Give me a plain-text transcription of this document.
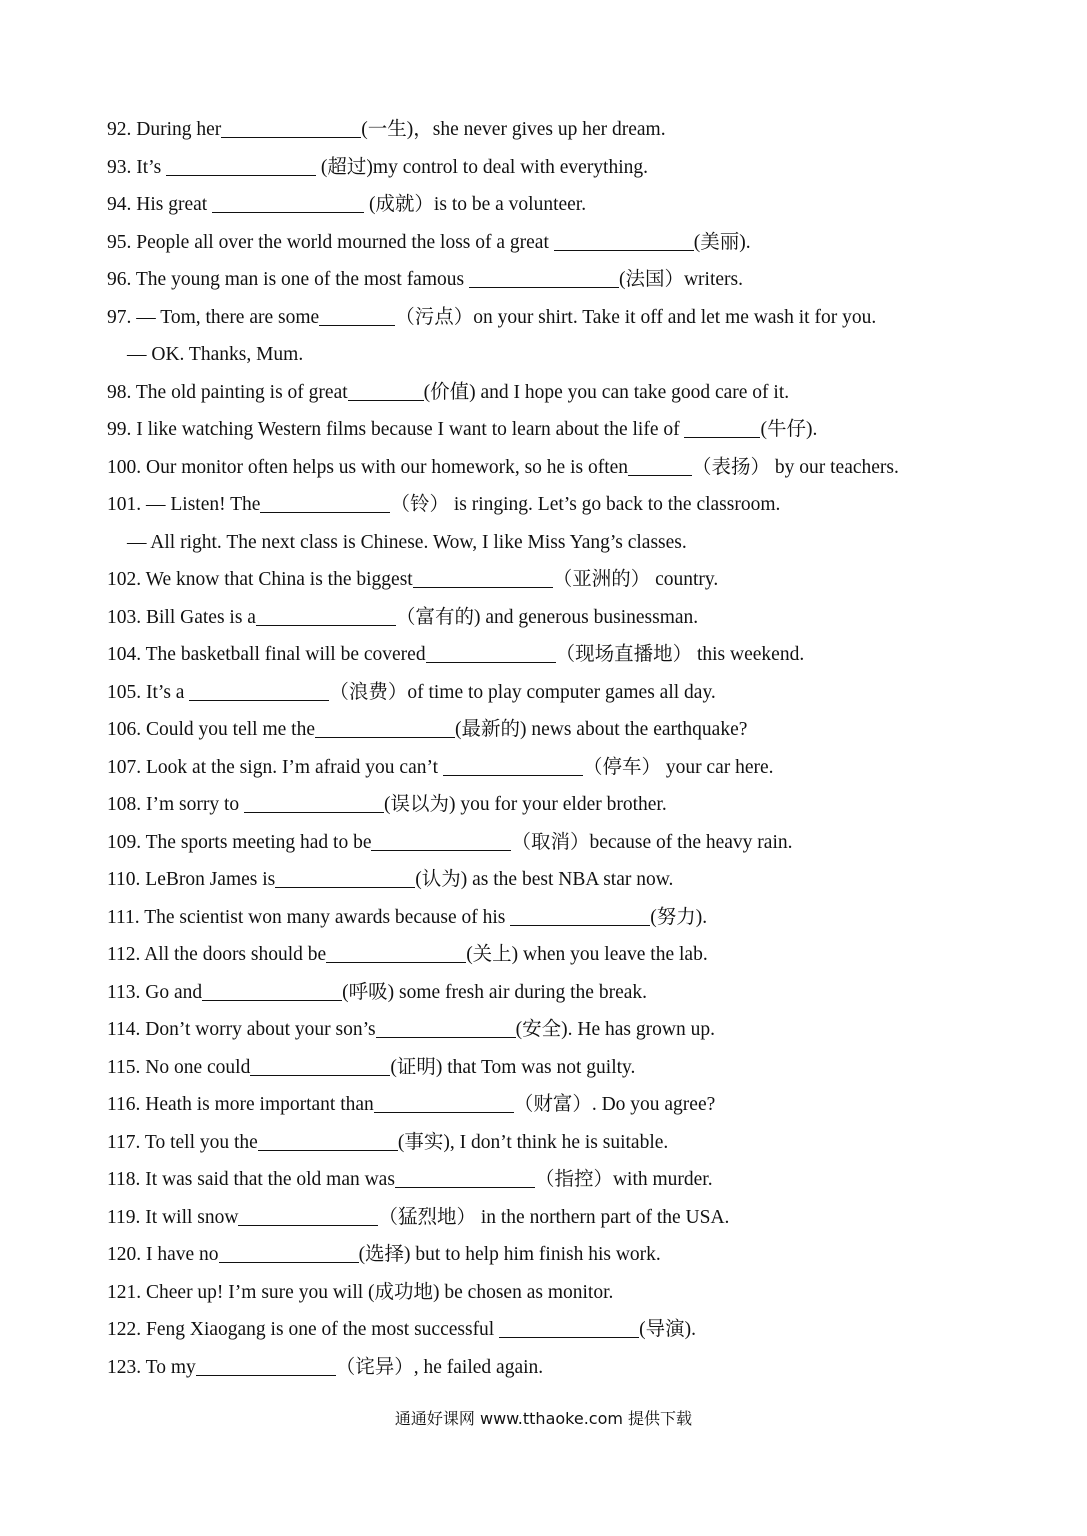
92. During her	(一生)，she never gives up her dream.
93. It’s	(超过)my control to deal with everything.
94. His great	(成就）is to be a volunteer.
95. People all over the world mourned the loss of a great	(美丽).
96. The young man is one of the most famous	(法国）writers.
97. — Tom, there are some	（污点）on your shirt. Take it off and let me wash it for you.
— OK. Thanks, Mum.
98. The old painting is of great	(价值) and I hope you can take good care of it.
99. I like watching Western films because I want to learn about the life of	(牛仔).
100. Our monitor often helps us with our homework, so he is often	（表扬） by our teachers.
101. — Listen! The	（铃） is ringing. Let’s go back to the classroom.
— All right. The next class is Chinese. Wow, I like Miss Yang’s classes.
102. We know that China is the biggest	（亚洲的） country.
103. Bill Gates is a	（富有的) and generous businessman.
104. The basketball final will be covered	（现场直播地） this weekend.
105. It’s a	（浪费）of time to play computer games all day.
106. Could you tell me the	(最新的) news about the earthquake?
107. Look at the sign. I’m afraid you can’t	（停车） your car here.
108. I’m sorry to	(误以为) you for your elder brother.
109. The sports meeting had to be	（取消）because of the heavy rain.
110. LeBron James is	(认为) as the best NBA star now.
111. The scientist won many awards because of his	(努力).
112. All the doors should be	(关上) when you leave the lab.
113. Go and	(呼吸) some fresh air during the break.
114. Don’t worry about your son’s	(安全). He has grown up.
115. No one could	(证明) that Tom was not guilty.
116. Heath is more important than	（财富）. Do you agree?
117. To tell you the	(事实), I don’t think he is suitable.
118. It was said that the old man was	（指控）with murder.
119. It will snow	（猛烈地） in the northern part of the USA.
120. I have no	(选择) but to help him finish his work.
121. Cheer up! I’m sure you will (成功地) be chosen as monitor.
122. Feng Xiaogang is one of the most successful	(导演).
123. To my	（诧异）, he failed again.
通通好课网 www.tthaoke.com 提供下载
